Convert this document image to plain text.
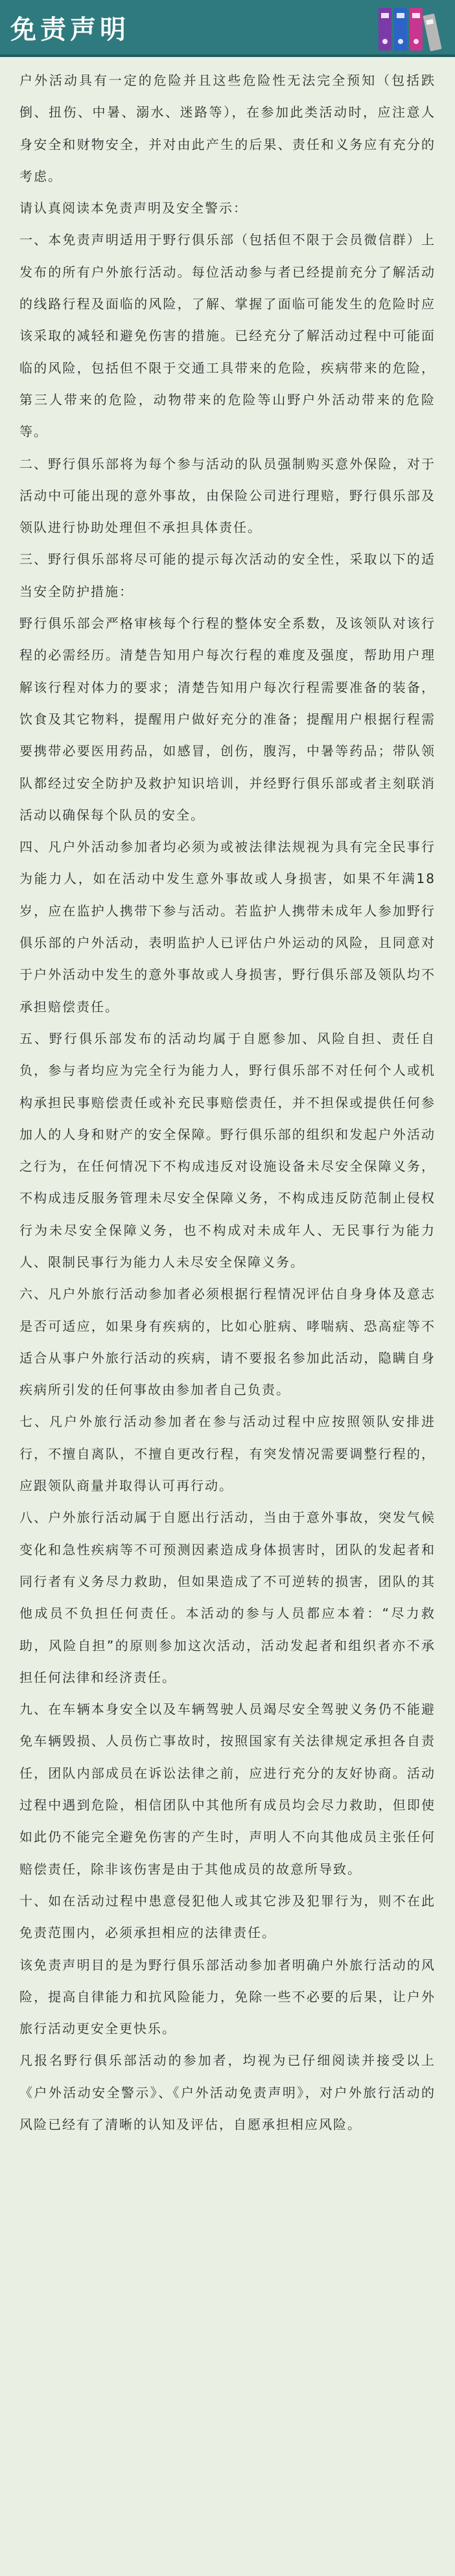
免责声明

户外活动具有一定的危险并且这些危险性无法完全预知（包括跌倒、扭伤、中暑、溺水、迷路等），在参加此类活动时，应注意人身安全和财物安全，并对由此产生的后果、责任和义务应有充分的考虑。

请认真阅读本免责声明及安全警示：

一、本免责声明适用于野行俱乐部（包括但不限于会员微信群）上发布的所有户外旅行活动。每位活动参与者已经提前充分了解活动的线路行程及面临的风险，了解、掌握了面临可能发生的危险时应该采取的减轻和避免伤害的措施。已经充分了解活动过程中可能面临的风险，包括但不限于交通工具带来的危险，疾病带来的危险，第三人带来的危险，动物带来的危险等山野户外活动带来的危险等。

二、野行俱乐部将为每个参与活动的队员强制购买意外保险，对于活动中可能出现的意外事故，由保险公司进行理赔，野行俱乐部及领队进行协助处理但不承担具体责任。

三、野行俱乐部将尽可能的提示每次活动的安全性，采取以下的适当安全防护措施：

野行俱乐部会严格审核每个行程的整体安全系数，及该领队对该行程的必需经历。清楚告知用户每次行程的难度及强度，帮助用户理解该行程对体力的要求；清楚告知用户每次行程需要准备的装备，饮食及其它物料，提醒用户做好充分的准备；提醒用户根据行程需要携带必要医用药品，如感冒，创伤，腹泻，中暑等药品；带队领队都经过安全防护及救护知识培训，并经野行俱乐部或者主刻联消活动以确保每个队员的安全。

四、凡户外活动参加者均必须为或被法律法规视为具有完全民事行为能力人，如在活动中发生意外事故或人身损害，如果不年满18岁，应在监护人携带下参与活动。若监护人携带未成年人参加野行俱乐部的户外活动，表明监护人已评估户外运动的风险，且同意对于户外活动中发生的意外事故或人身损害，野行俱乐部及领队均不承担赔偿责任。

五、野行俱乐部发布的活动均属于自愿参加、风险自担、责任自负，参与者均应为完全行为能力人，野行俱乐部不对任何个人或机构承担民事赔偿责任或补充民事赔偿责任，并不担保或提供任何参加人的人身和财产的安全保障。野行俱乐部的组织和发起户外活动之行为，在任何情况下不构成违反对设施设备未尽安全保障义务，不构成违反服务管理未尽安全保障义务，不构成违反防范制止侵权行为未尽安全保障义务，也不构成对未成年人、无民事行为能力人、限制民事行为能力人未尽安全保障义务。

六、凡户外旅行活动参加者必须根据行程情况评估自身身体及意志是否可适应，如果身有疾病的，比如心脏病、哮喘病、恐高症等不适合从事户外旅行活动的疾病，请不要报名参加此活动，隐瞒自身疾病所引发的任何事故由参加者自己负责。

七、凡户外旅行活动参加者在参与活动过程中应按照领队安排进行，不擅自离队，不擅自更改行程，有突发情况需要调整行程的，应跟领队商量并取得认可再行动。

八、户外旅行活动属于自愿出行活动，当由于意外事故，突发气候变化和急性疾病等不可预测因素造成身体损害时，团队的发起者和同行者有义务尽力救助，但如果造成了不可逆转的损害，团队的其他成员不负担任何责任。本活动的参与人员都应本着：“尽力救助，风险自担”的原则参加这次活动，活动发起者和组织者亦不承担任何法律和经济责任。

九、在车辆本身安全以及车辆驾驶人员竭尽安全驾驶义务仍不能避免车辆毁损、人员伤亡事故时，按照国家有关法律规定承担各自责任，团队内部成员在诉讼法律之前，应进行充分的友好协商。活动过程中遇到危险，相信团队中其他所有成员均会尽力救助，但即使如此仍不能完全避免伤害的产生时，声明人不向其他成员主张任何赔偿责任，除非该伤害是由于其他成员的故意所导致。

十、如在活动过程中患意侵犯他人或其它涉及犯罪行为，则不在此免责范围内，必须承担相应的法律责任。

该免责声明目的是为野行俱乐部活动参加者明确户外旅行活动的风险，提高自律能力和抗风险能力，免除一些不必要的后果，让户外旅行活动更安全更快乐。

凡报名野行俱乐部活动的参加者，均视为已仔细阅读并接受以上《户外活动安全警示》、《户外活动免责声明》，对户外旅行活动的风险已经有了清晰的认知及评估，自愿承担相应风险。
